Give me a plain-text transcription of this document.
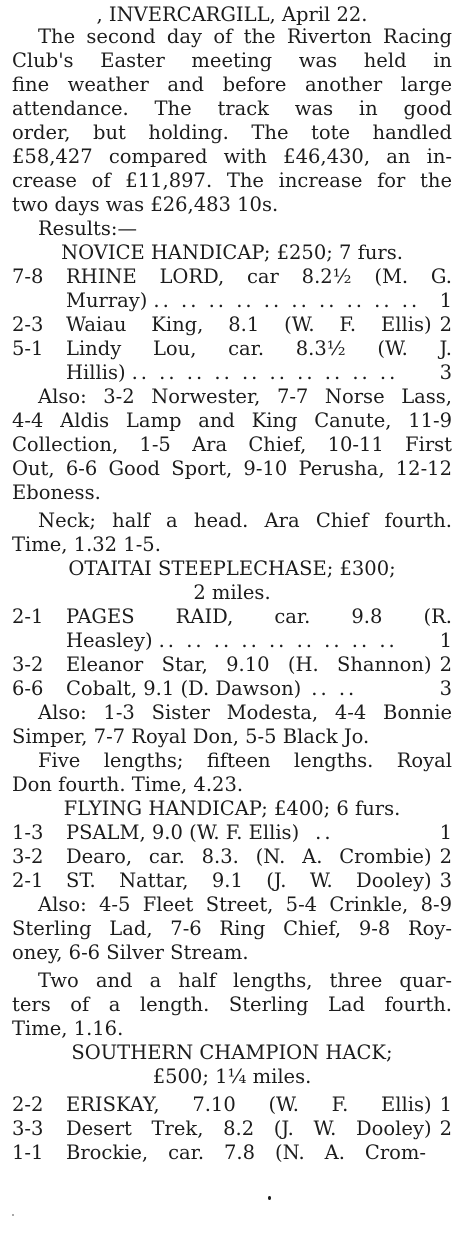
, INVERCARGILL, April 22.
The second day of the Riverton Racing
Club's Easter meeting was held in
fine weather and before another large
attendance. The track was in good
order, but holding. The tote handled
£58,427 compared with £46,430, an in-
crease of £11,897. The increase for the
two days was £26,483 10s.
Results:—
NOVICE HANDICAP; £250; 7 furs.
7-8	RHINE LORD, car 8.2½ (M. G.
Murray) .. .. .. .. .. .. .. .. .. .. 1
2-3	Waiau King, 8.1 (W. F. Ellis) 2
5-1	Lindy Lou, car. 8.3½ (W. J.
Hillis) .. .. .. .. .. .. .. .. .. ..	3
Also: 3-2 Norwester, 7-7 Norse Lass,
4-4 Aldis Lamp and King Canute, 11-9
Collection, 1-5 Ara Chief, 10-11 First
Out, 6-6 Good Sport, 9-10 Perusha, 12-12
Eboness.
Neck; half a head. Ara Chief fourth.
Time, 1.32 1-5.
OTAITAI STEEPLECHASE; £300;
2 miles.
2-1	PAGES RAID, car. 9.8 (R.
Heasley) .. .. .. .. .. .. .. .. ..	1
3-2	Eleanor Star, 9.10 (H. Shannon) 2
6-6	Cobalt, 9.1 (D. Dawson) .. ..	3
Also: 1-3 Sister Modesta, 4-4 Bonnie
Simper, 7-7 Royal Don, 5-5 Black Jo.
Five lengths; fifteen lengths. Royal
Don fourth. Time, 4.23.
FLYING HANDICAP; £400; 6 furs.
1-3	PSALM, 9.0 (W. F. Ellis) ..	1
3-2	Dearo, car. 8.3. (N. A. Crombie) 2
2-1	ST. Nattar, 9.1 (J. W. Dooley) 3
Also: 4-5 Fleet Street, 5-4 Crinkle, 8-9
Sterling Lad, 7-6 Ring Chief, 9-8 Roy-
oney, 6-6 Silver Stream.
Two and a half lengths, three quar-
ters of a length. Sterling Lad fourth.
Time, 1.16.
SOUTHERN CHAMPION HACK;
£500; 1¼ miles.
2-2	ERISKAY, 7.10 (W. F. Ellis) 1
3-3	Desert Trek, 8.2 (J. W. Dooley) 2
1-1	Brockie, car. 7.8 (N. A. Crom-
